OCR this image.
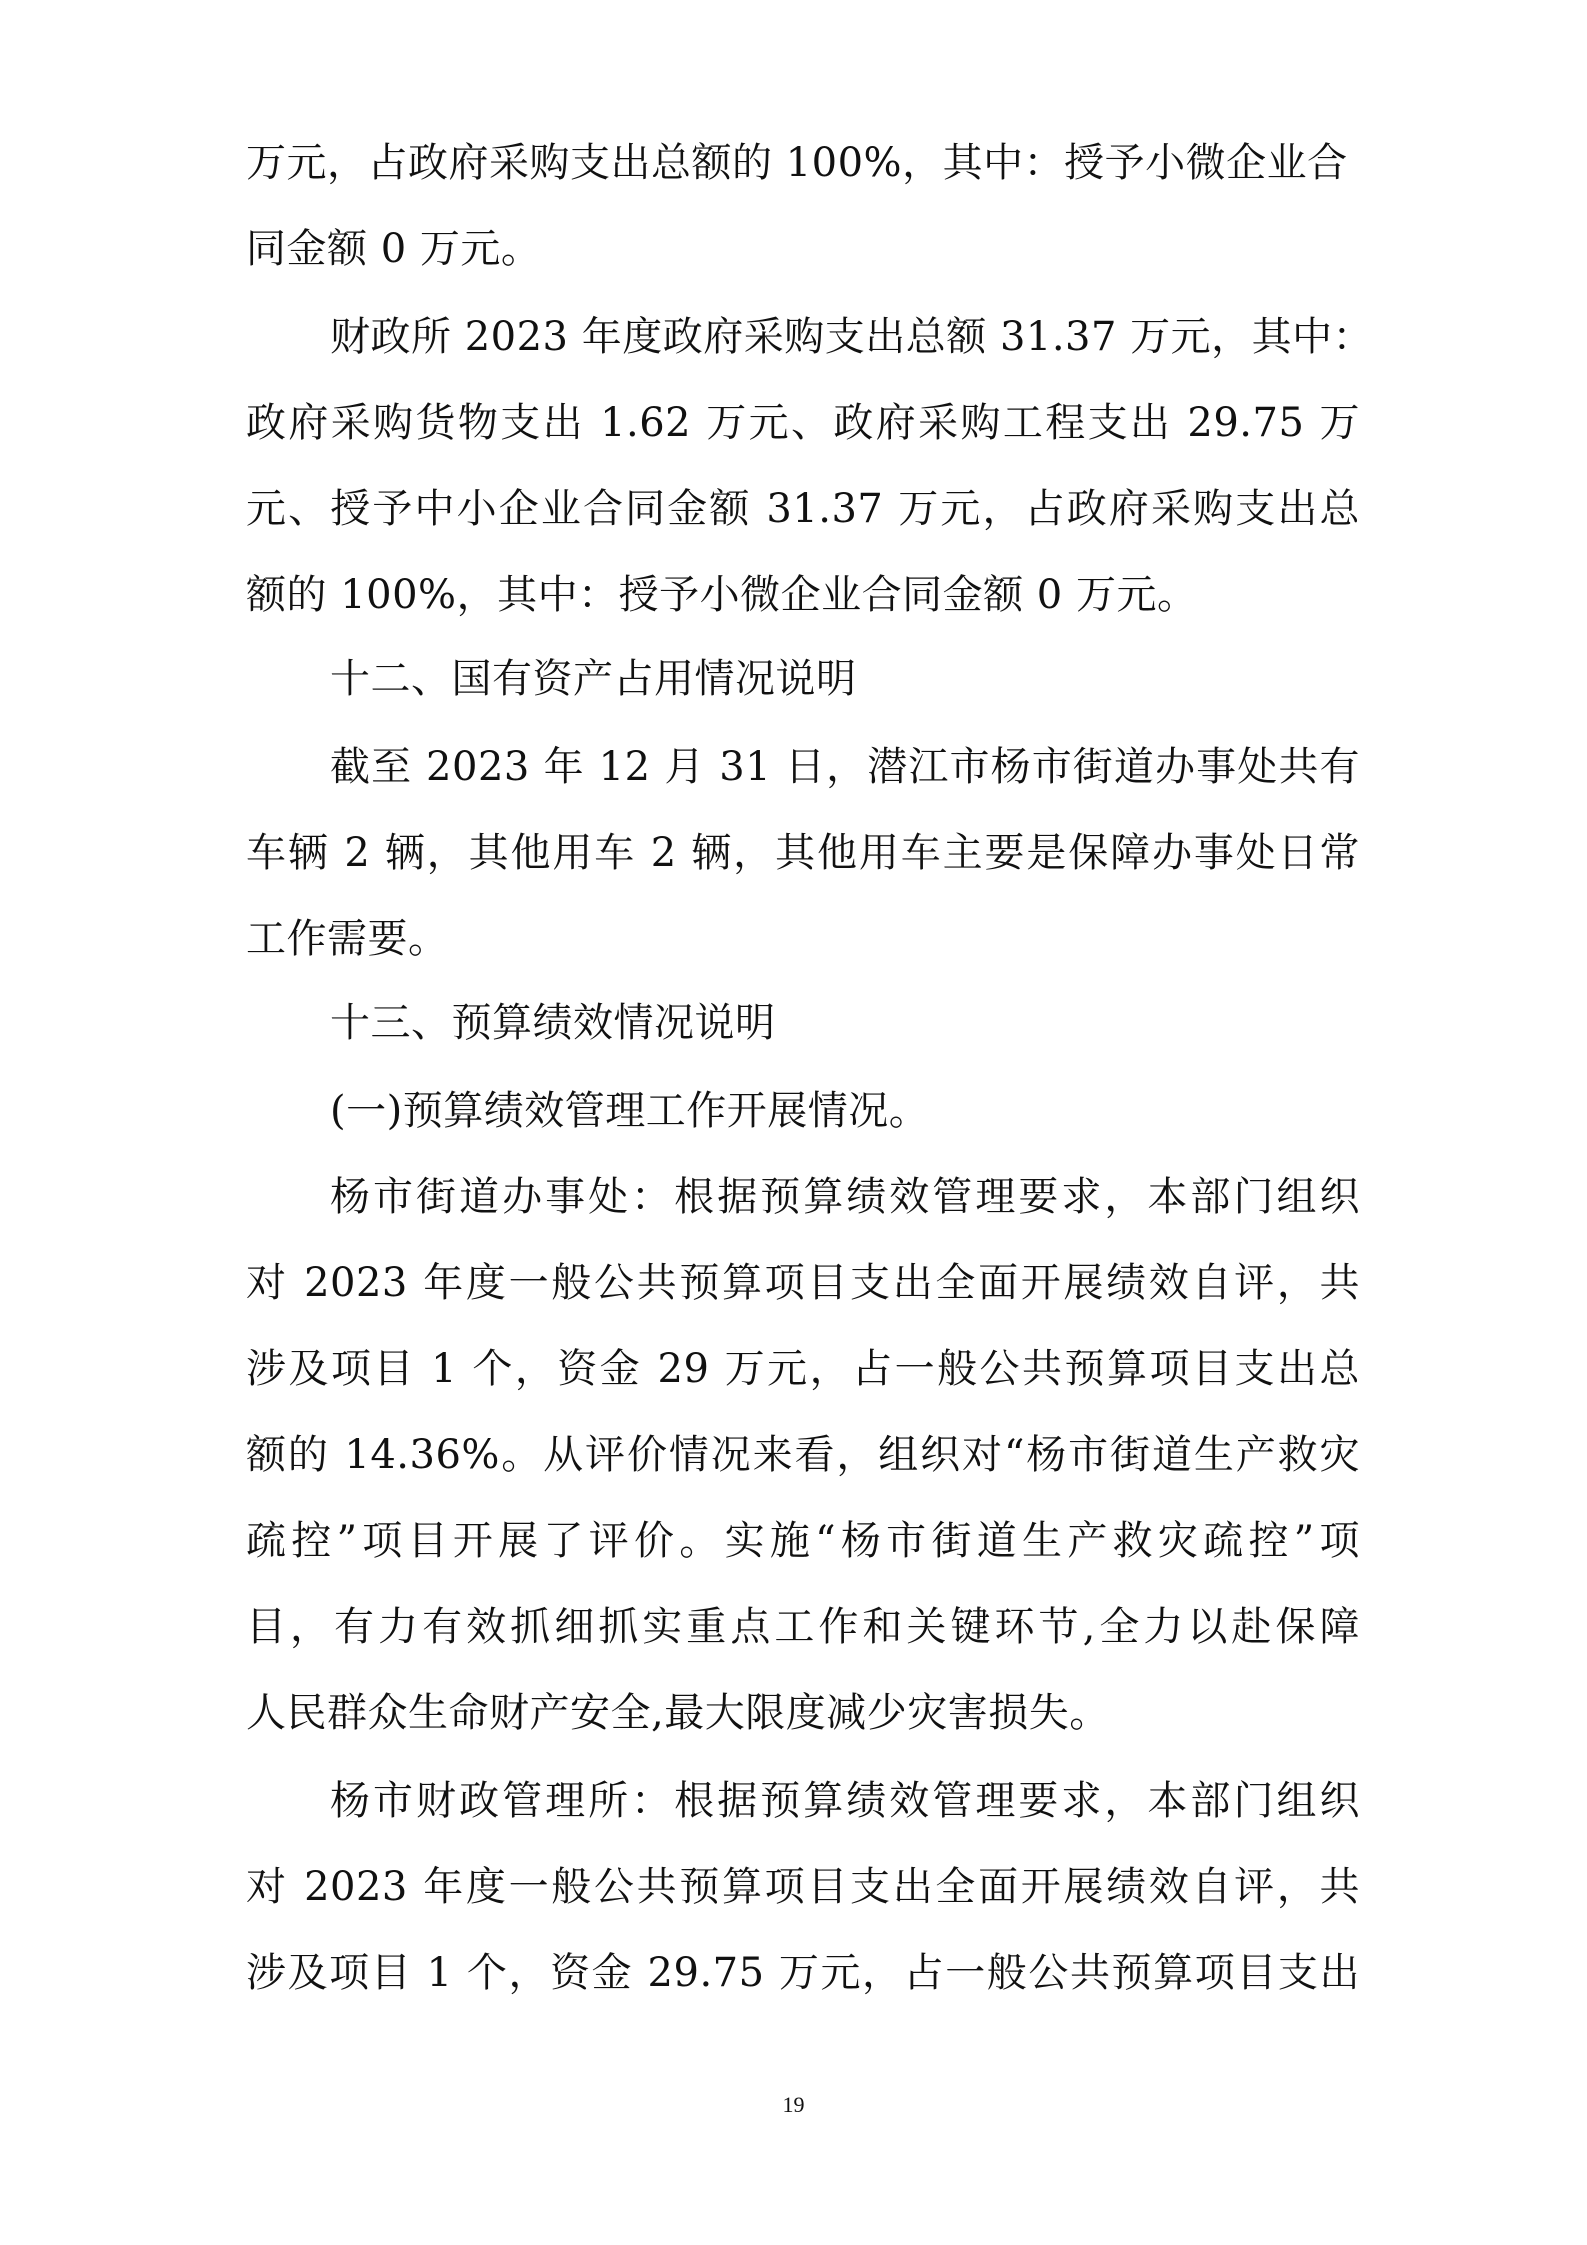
万元，占政府采购支出总额的 100%，其中：授予小微企业合
同金额 0 万元。
财政所 2023 年度政府采购支出总额 31.37 万元，其中：
政府采购货物支出 1.62 万元、政府采购工程支出 29.75 万
元、授予中小企业合同金额 31.37 万元，占政府采购支出总
额的 100%，其中：授予小微企业合同金额 0 万元。
十二、国有资产占用情况说明
截至 2023 年 12 月 31 日，潜江市杨市街道办事处共有
车辆 2 辆，其他用车 2 辆，其他用车主要是保障办事处日常
工作需要。
十三、预算绩效情况说明
(一)预算绩效管理工作开展情况。
杨市街道办事处：根据预算绩效管理要求，本部门组织
对 2023 年度一般公共预算项目支出全面开展绩效自评，共
涉及项目 1 个，资金 29 万元，占一般公共预算项目支出总
额的 14.36%。从评价情况来看，组织对“杨市街道生产救灾
疏控”项目开展了评价。实施“杨市街道生产救灾疏控”项
目，有力有效抓细抓实重点工作和关键环节,全力以赴保障
人民群众生命财产安全,最大限度减少灾害损失。
杨市财政管理所：根据预算绩效管理要求，本部门组织
对 2023 年度一般公共预算项目支出全面开展绩效自评，共
涉及项目 1 个，资金 29.75 万元，占一般公共预算项目支出
19
